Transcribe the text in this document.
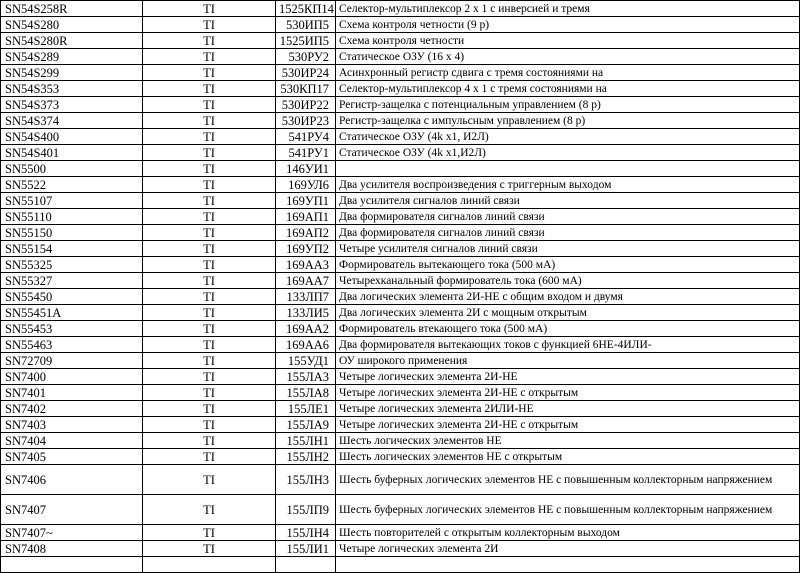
SN54S258R	TI	1525КП14	Селектор-мультиплексор 2 х 1 с инверсией и тремя
SN54S280	TI	530ИП5	Схема контроля четности (9 р)
SN54S280R	TI	1525ИП5	Схема контроля четности
SN54S289	TI	530РУ2	Статическое ОЗУ (16 х 4)
SN54S299	TI	530ИР24	Асинхронный регистр сдвига с тремя состояниями на
SN54S353	TI	530КП17	Селектор-мультиплексор 4 х 1 с тремя состояниями на
SN54S373	TI	530ИР22	Регистр-защелка с потенциальным управлением (8 р)
SN54S374	TI	530ИР23	Регистр-защелка с импульсным управлением (8 р)
SN54S400	TI	541РУ4	Статическое ОЗУ (4k х1, И2Л)
SN54S401	TI	541РУ1	Статическое ОЗУ (4k х1,И2Л)
SN5500	TI	146УИ1	
SN5522	TI	169УЛ6	Два усилителя воспроизведения с триггерным выходом
SN55107	TI	169УП1	Два усилителя сигналов линий связи
SN55110	TI	169АП1	Два формирователя сигналов линий связи
SN55150	TI	169АП2	Два формирователя сигналов линий связи
SN55154	TI	169УП2	Четыре усилителя сигналов линий связи
SN55325	TI	169АА3	Формирователь вытекающего тока (500 мА)
SN55327	TI	169АА7	Четырехканальный формирователь тока (600 мА)
SN55450	TI	133ЛП7	Два логических элемента 2И-НЕ с общим входом и двумя
SN55451A	TI	133ЛИ5	Два логических элемента 2И с мощным открытым
SN55453	TI	169АА2	Формирователь втекающего тока (500 мА)
SN55463	TI	169АА6	Два формирователя вытекающих токов с функцией 6НЕ-4ИЛИ-
SN72709	TI	155УД1	ОУ широкого применения
SN7400	TI	155ЛА3	Четыре логических элемента 2И-НЕ
SN7401	TI	155ЛА8	Четыре логических элемента 2И-НЕ с открытым
SN7402	TI	155ЛЕ1	Четыре логических элемента 2ИЛИ-НЕ
SN7403	TI	155ЛА9	Четыре логических элемента 2И-НЕ с открытым
SN7404	TI	155ЛН1	Шесть логических элементов НЕ
SN7405	TI	155ЛН2	Шесть логических элементов НЕ с открытым
SN7406	TI	155ЛН3	Шесть буферных логических элементов НЕ с повышенным коллекторным напряжением
SN7407	TI	155ЛП9	Шесть буферных логических элементов НЕ с повышенным коллекторным напряжением
SN7407~	TI	155ЛН4	Шесть повторителей с открытым коллекторным выходом
SN7408	TI	155ЛИ1	Четыре логических элемента 2И
